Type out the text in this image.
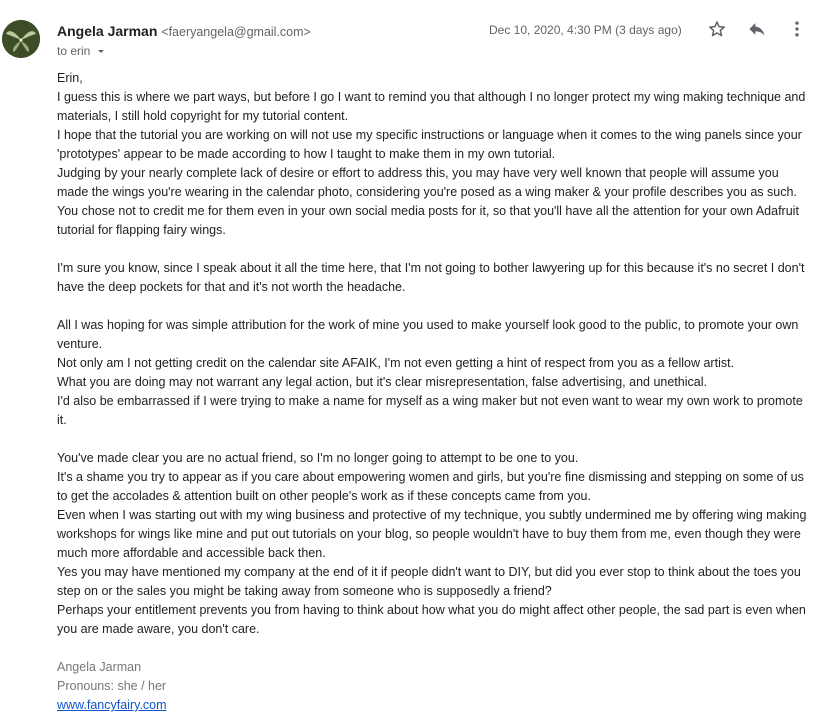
Angela Jarman <faeryangela@gmail.com>
to erin
Dec 10, 2020, 4:30 PM (3 days ago)

Erin,

I guess this is where we part ways, but before I go I want to remind you that although I no longer protect my wing making technique and materials, I still hold copyright for my tutorial content.

I hope that the tutorial you are working on will not use my specific instructions or language when it comes to the wing panels since your 'prototypes' appear to be made according to how I taught to make them in my own tutorial.

Judging by your nearly complete lack of desire or effort to address this, you may have very well known that people will assume you made the wings you're wearing in the calendar photo, considering you're posed as a wing maker & your profile describes you as such. You chose not to credit me for them even in your own social media posts for it, so that you'll have all the attention for your own Adafruit tutorial for flapping fairy wings.

I'm sure you know, since I speak about it all the time here, that I'm not going to bother lawyering up for this because it's no secret I don't have the deep pockets for that and it's not worth the headache.

All I was hoping for was simple attribution for the work of mine you used to make yourself look good to the public, to promote your own venture.

Not only am I not getting credit on the calendar site AFAIK, I'm not even getting a hint of respect from you as a fellow artist.

What you are doing may not warrant any legal action, but it's clear misrepresentation, false advertising, and unethical.

I'd also be embarrassed if I were trying to make a name for myself as a wing maker but not even want to wear my own work to promote it.

You've made clear you are no actual friend, so I'm no longer going to attempt to be one to you.

It's a shame you try to appear as if you care about empowering women and girls, but you're fine dismissing and stepping on some of us to get the accolades & attention built on other people's work as if these concepts came from you.

Even when I was starting out with my wing business and protective of my technique, you subtly undermined me by offering wing making workshops for wings like mine and put out tutorials on your blog, so people wouldn't have to buy them from me, even though they were much more affordable and accessible back then.

Yes you may have mentioned my company at the end of it if people didn't want to DIY, but did you ever stop to think about the toes you step on or the sales you might be taking away from someone who is supposedly a friend?

Perhaps your entitlement prevents you from having to think about how what you do might affect other people, the sad part is even when you are made aware, you don't care.

Angela Jarman

Pronouns: she / her

www.fancyfairy.com
